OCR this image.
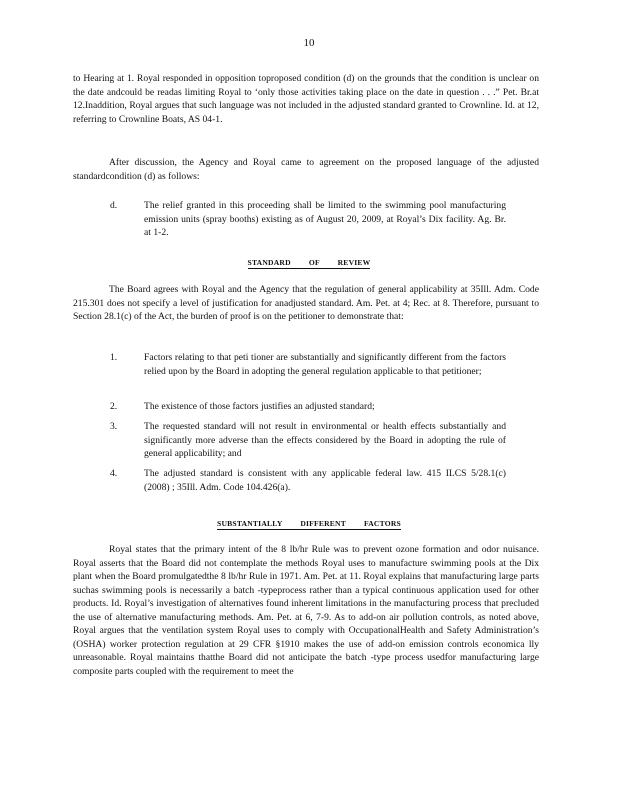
10

to Hearing at 1. Royal responded in opposition toproposed condition (d) on the grounds that the condition is unclear on the date andcould be readas limiting Royal to ‘only those activities taking place on the date in question . . .” Pet. Br.at 12.Inaddition, Royal argues that such language was not included in the adjusted standard granted to Crownline. Id. at 12, referring to Crownline Boats, AS 04-1.

After discussion, the Agency and Royal came to agreement on the proposed language of the adjusted standardcondition (d) as follows:

d.	The relief granted in this proceeding shall be limited to the swimming pool manufacturing emission units (spray booths) existing as of August 20, 2009, at Royal’s Dix facility. Ag. Br. at 1-2.
STANDARD OF REVIEW

The Board agrees with Royal and the Agency that the regulation of general applicability at 35Ill. Adm. Code 215.301 does not specify a level of justification for anadjusted standard. Am. Pet. at 4; Rec. at 8. Therefore, pursuant to Section 28.1(c) of the Act, the burden of proof is on the petitioner to demonstrate that:

1.	Factors relating to that peti tioner are substantially and significantly different from the factors relied upon by the Board in adopting the general regulation applicable to that petitioner;
2.	The existence of those factors justifies an adjusted standard;
3.	The requested standard will not result in environmental or health effects substantially and significantly more adverse than the effects considered by the Board in adopting the rule of general applicability; and
4.	The adjusted standard is consistent with any applicable federal law. 415 ILCS 5/28.1(c) (2008) ; 35Ill. Adm. Code 104.426(a).
SUBSTANTIALLY DIFFERENT FACTORS

Royal states that the primary intent of the 8 lb/hr Rule was to prevent ozone formation and odor nuisance. Royal asserts that the Board did not contemplate the methods Royal uses to manufacture swimming pools at the Dix plant when the Board promulgatedthe 8 lb/hr Rule in 1971. Am. Pet. at 11. Royal explains that manufacturing large parts suchas swimming pools is necessarily a batch -typeprocess rather than a typical continuous application used for other products. Id. Royal’s investigation of alternatives found inherent limitations in the manufacturing process that precluded the use of alternative manufacturing methods. Am. Pet. at 6, 7-9. As to add-on air pollution controls, as noted above, Royal argues that the ventilation system Royal uses to comply with OccupationalHealth and Safety Administration’s (OSHA) worker protection regulation at 29 CFR §1910 makes the use of add-on emission controls economica lly unreasonable. Royal maintains thatthe Board did not anticipate the batch -type process usedfor manufacturing large composite parts coupled with the requirement to meet the
